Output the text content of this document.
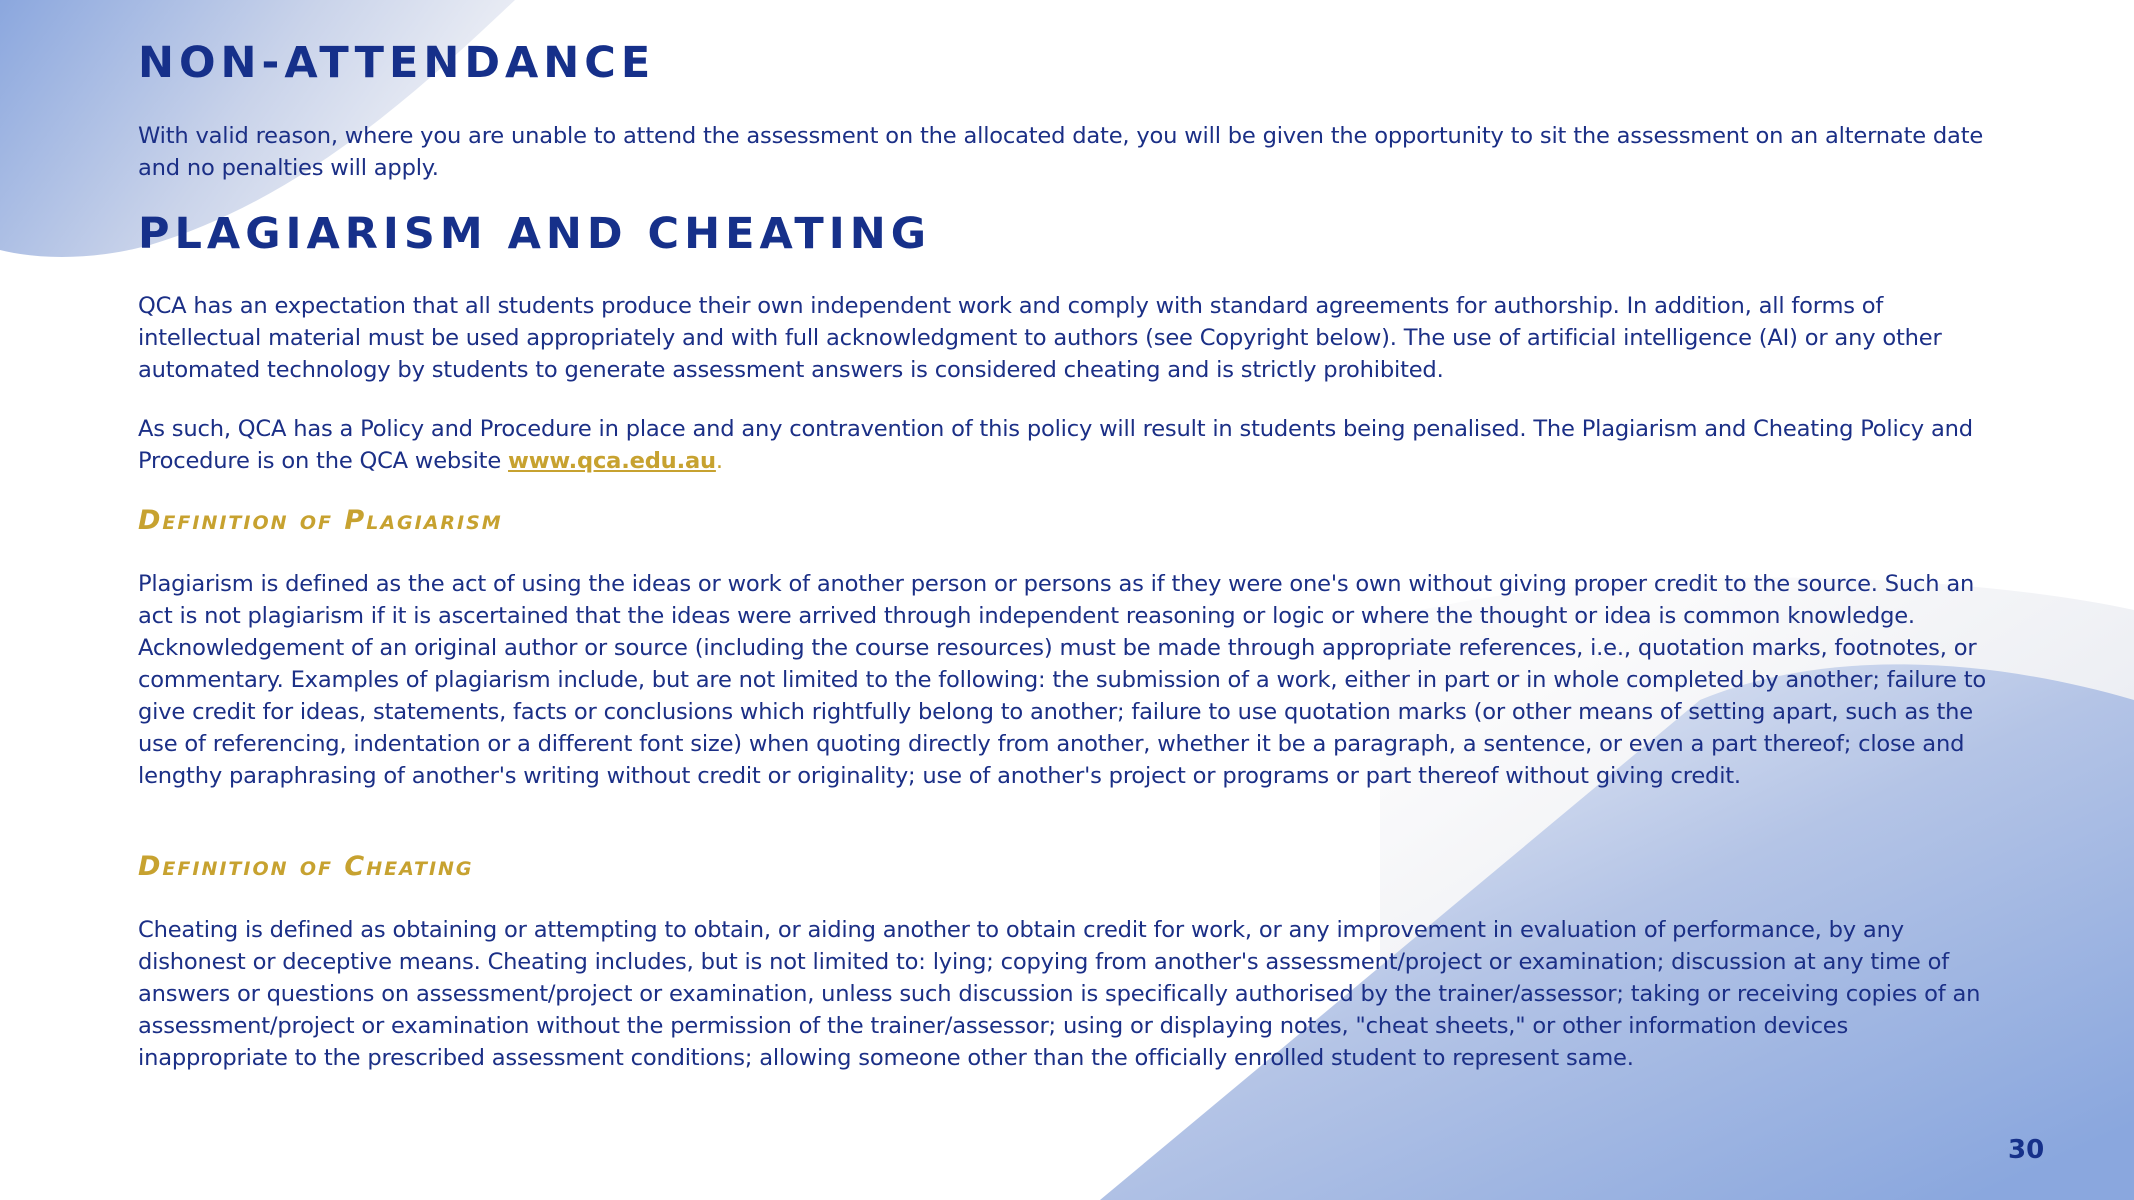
NON-ATTENDANCE

With valid reason, where you are unable to attend the assessment on the allocated date, you will be given the opportunity to sit the assessment on an alternate date and no penalties will apply.

PLAGIARISM AND CHEATING

QCA has an expectation that all students produce their own independent work and comply with standard agreements for authorship. In addition, all forms of intellectual material must be used appropriately and with full acknowledgment to authors (see Copyright below). The use of artificial intelligence (AI) or any other automated technology by students to generate assessment answers is considered cheating and is strictly prohibited.

As such, QCA has a Policy and Procedure in place and any contravention of this policy will result in students being penalised. The Plagiarism and Cheating Policy and Procedure is on the QCA website www.qca.edu.au.

Definition of Plagiarism

Plagiarism is defined as the act of using the ideas or work of another person or persons as if they were one's own without giving proper credit to the source. Such an act is not plagiarism if it is ascertained that the ideas were arrived through independent reasoning or logic or where the thought or idea is common knowledge. Acknowledgement of an original author or source (including the course resources) must be made through appropriate references, i.e., quotation marks, footnotes, or commentary. Examples of plagiarism include, but are not limited to the following: the submission of a work, either in part or in whole completed by another; failure to give credit for ideas, statements, facts or conclusions which rightfully belong to another; failure to use quotation marks (or other means of setting apart, such as the use of referencing, indentation or a different font size) when quoting directly from another, whether it be a paragraph, a sentence, or even a part thereof; close and lengthy paraphrasing of another's writing without credit or originality; use of another's project or programs or part thereof without giving credit.

Definition of Cheating

Cheating is defined as obtaining or attempting to obtain, or aiding another to obtain credit for work, or any improvement in evaluation of performance, by any dishonest or deceptive means. Cheating includes, but is not limited to: lying; copying from another's assessment/project or examination; discussion at any time of answers or questions on assessment/project or examination, unless such discussion is specifically authorised by the trainer/assessor; taking or receiving copies of an assessment/project or examination without the permission of the trainer/assessor; using or displaying notes, "cheat sheets," or other information devices inappropriate to the prescribed assessment conditions; allowing someone other than the officially enrolled student to represent same.

30
